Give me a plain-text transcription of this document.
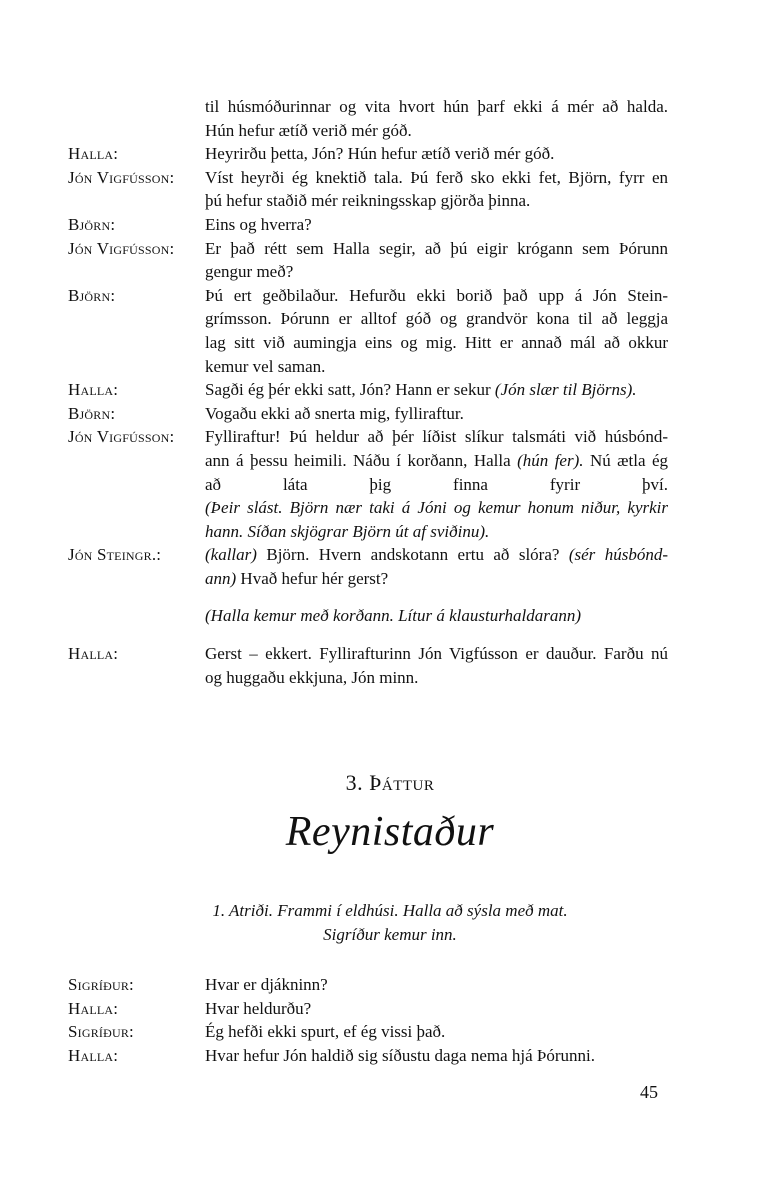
til húsmóðurinnar og vita hvort hún þarf ekki á mér að halda.
Hún hefur ætíð verið mér góð.
Halla:	Heyrirðu þetta, Jón? Hún hefur ætíð verið mér góð.
Jón Vigfússon:	Víst heyrði ég knektið tala. Þú ferð sko ekki fet, Björn, fyrr en
þú hefur staðið mér reikningsskap gjörða þinna.
Björn:	Eins og hverra?
Jón Vigfússon:	Er það rétt sem Halla segir, að þú eigir krógann sem Þórunn
gengur með?
Björn:	Þú ert geðbilaður. Hefurðu ekki borið það upp á Jón Stein-
grímsson. Þórunn er alltof góð og grandvör kona til að leggja
lag sitt við aumingja eins og mig. Hitt er annað mál að okkur
kemur vel saman.
Halla:	Sagði ég þér ekki satt, Jón? Hann er sekur (Jón slær til Björns).
Björn:	Vogaðu ekki að snerta mig, fylliraftur.
Jón Vigfússon:	Fylliraftur! Þú heldur að þér líðist slíkur talsmáti við húsbónd-
ann á þessu heimili. Náðu í korðann, Halla (hún fer). Nú ætla ég
að láta þig finna fyrir því.
(Þeir slást. Björn nær taki á Jóni og kemur honum niður, kyrkir
hann. Síðan skjögrar Björn út af sviðinu).
Jón Steingr.:	(kallar) Björn. Hvern andskotann ertu að slóra? (sér húsbónd-
ann) Hvað hefur hér gerst?
(Halla kemur með korðann. Lítur á klausturhaldarann)
Halla:	Gerst – ekkert. Fyllirafturinn Jón Vigfússon er dauður. Farðu nú
og huggaðu ekkjuna, Jón minn.
3. Þáttur
Reynistaður
1. Atriði. Frammi í eldhúsi. Halla að sýsla með mat.
Sigríður kemur inn.
Sigríður:	Hvar er djákninn?
Halla:	Hvar heldurðu?
Sigríður:	Ég hefði ekki spurt, ef ég vissi það.
Halla:	Hvar hefur Jón haldið sig síðustu daga nema hjá Þórunni.
45
